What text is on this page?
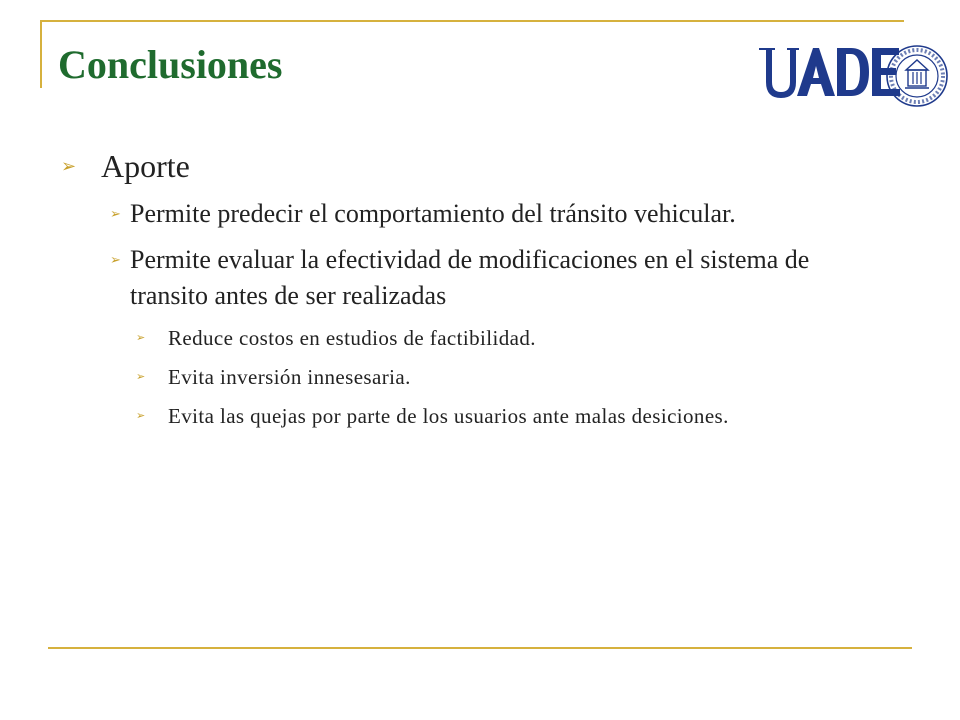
Conclusiones
➢ Aporte
➢ Permite predecir el comportamiento del tránsito vehicular.
➢ Permite evaluar la efectividad de modificaciones en el sistema de transito antes de ser realizadas
➢	Reduce costos en estudios de factibilidad.
➢	Evita inversión innesesaria.
➢	Evita las quejas por parte de los usuarios ante malas desiciones.
